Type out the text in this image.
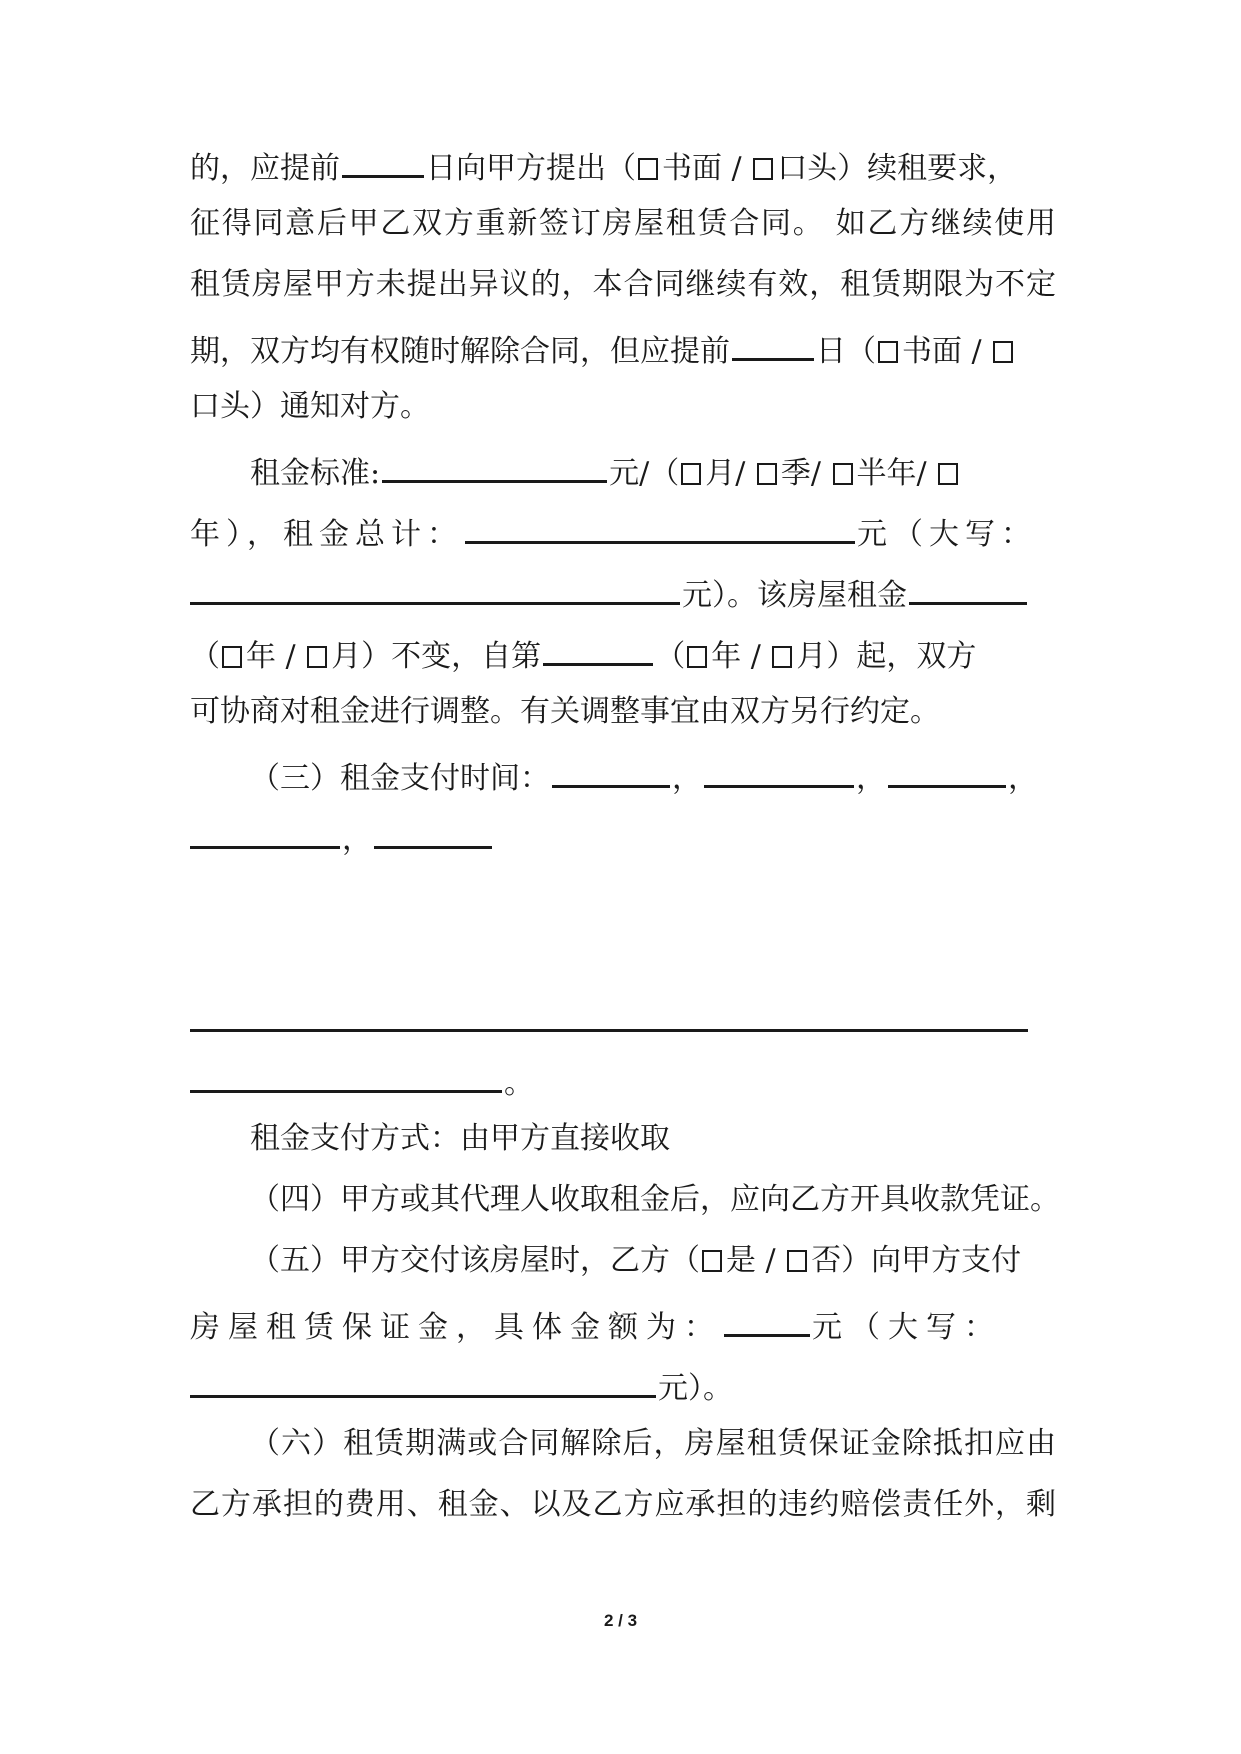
的，应提前	日向甲方提出（ 书面 / 口头）续租要求，
征得同意后甲乙双方重新签订房屋租赁合同。 如乙方继续使用
租赁房屋甲方未提出异议的，本合同继续有效，租赁期限为不定
期，双方均有权随时解除合同，但应提前	日（ 书面 /
口头）通知对方。
租金标准:	元/（ 月/ 季/ 半年/
年），租金总计：	元（大写：
元）。该房屋租金
（ 年 / 月）不变，自第	（ 年 / 月）起，双方
可协商对租金进行调整。有关调整事宜由双方另行约定。
（三）租金支付时间：	，	，	，
，
。
租金支付方式：由甲方直接收取
（四）甲方或其代理人收取租金后，应向乙方开具收款凭证。
（五）甲方交付该房屋时，乙方（ 是 / 否）向甲方支付
房屋租赁保证金，具体金额为：	元（大写：
元）。
（六）租赁期满或合同解除后，房屋租赁保证金除抵扣应由
乙方承担的费用、租金、以及乙方应承担的违约赔偿责任外，剩
2 / 3
